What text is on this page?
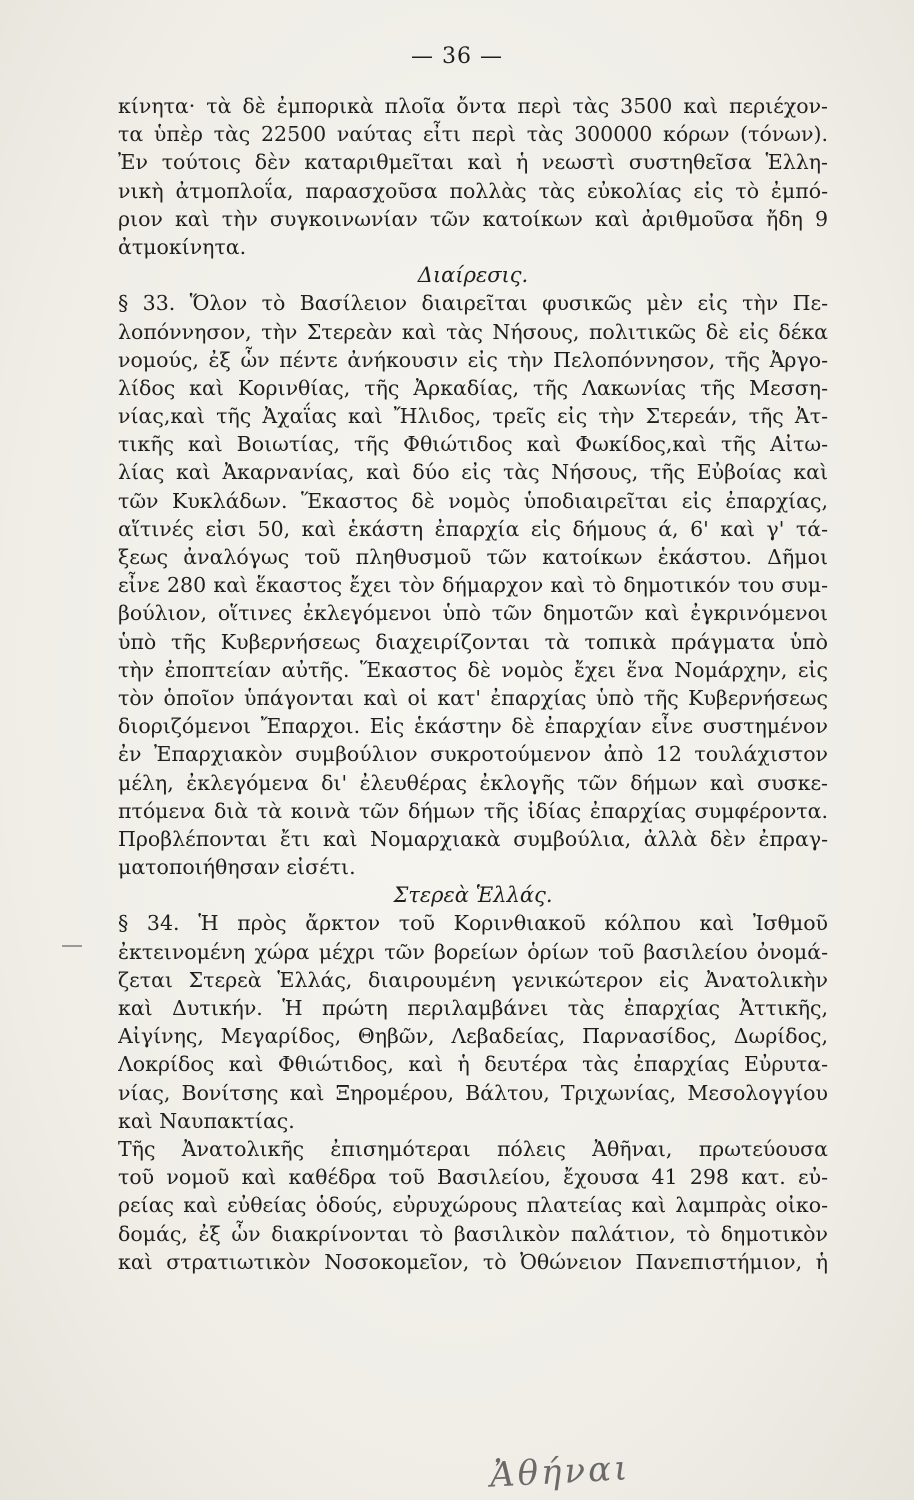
— 36 —
κίνητα· τὰ δὲ ἐμπορικὰ πλοῖα ὄντα περὶ τὰς 3500 καὶ περιέχον-
τα ὑπὲρ τὰς 22500 ναύτας εἶτι περὶ τὰς 300000 κόρων (τόνων).
Ἐν τούτοις δὲν καταριθμεῖται καὶ ἡ νεωστὶ συστηθεῖσα Ἑλλη-
νικὴ ἀτμοπλοΐα, παρασχοῦσα πολλὰς τὰς εὐκολίας εἰς τὸ ἐμπό-
ριον καὶ τὴν συγκοινωνίαν τῶν κατοίκων καὶ ἀριθμοῦσα ἤδη 9
ἀτμοκίνητα.
Διαίρεσις.
§ 33. Ὅλον τὸ Βασίλειον διαιρεῖται φυσικῶς μὲν εἰς τὴν Πε-
λοπόννησον, τὴν Στερεὰν καὶ τὰς Νήσους, πολιτικῶς δὲ εἰς δέκα
νομούς, ἐξ ὧν πέντε ἀνήκουσιν εἰς τὴν Πελοπόννησον, τῆς Ἀργο-
λίδος καὶ Κορινθίας, τῆς Ἀρκαδίας, τῆς Λακωνίας τῆς Μεσση-
νίας,καὶ τῆς Ἀχαΐας καὶ Ἤλιδος, τρεῖς εἰς τὴν Στερεάν, τῆς Ἀτ-
τικῆς καὶ Βοιωτίας, τῆς Φθιώτιδος καὶ Φωκίδος,καὶ τῆς Αἰτω-
λίας καὶ Ἀκαρνανίας, καὶ δύο εἰς τὰς Νήσους, τῆς Εὐβοίας καὶ
τῶν Κυκλάδων. Ἕκαστος δὲ νομὸς ὑποδιαιρεῖται εἰς ἐπαρχίας,
αἵτινές εἰσι 50, καὶ ἑκάστη ἐπαρχία εἰς δήμους ά, 6' καὶ γ' τά-
ξεως ἀναλόγως τοῦ πληθυσμοῦ τῶν κατοίκων ἑκάστου. Δῆμοι
εἶνε 280 καὶ ἕκαστος ἔχει τὸν δήμαρχον καὶ τὸ δημοτικόν του συμ-
βούλιον, οἵτινες ἐκλεγόμενοι ὑπὸ τῶν δημοτῶν καὶ ἐγκρινόμενοι
ὑπὸ τῆς Κυβερνήσεως διαχειρίζονται τὰ τοπικὰ πράγματα ὑπὸ
τὴν ἐποπτείαν αὐτῆς. Ἕκαστος δὲ νομὸς ἔχει ἕνα Νομάρχην, εἰς
τὸν ὁποῖον ὑπάγονται καὶ οἱ κατ' ἐπαρχίας ὑπὸ τῆς Κυβερνήσεως
διοριζόμενοι Ἔπαρχοι. Εἰς ἑκάστην δὲ ἐπαρχίαν εἶνε συστημένον
ἐν Ἐπαρχιακὸν συμβούλιον συκροτούμενον ἀπὸ 12 τουλάχιστον
μέλη, ἐκλεγόμενα δι' ἐλευθέρας ἐκλογῆς τῶν δήμων καὶ συσκε-
πτόμενα διὰ τὰ κοινὰ τῶν δήμων τῆς ἰδίας ἐπαρχίας συμφέροντα.
Προβλέπονται ἔτι καὶ Νομαρχιακὰ συμβούλια, ἀλλὰ δὲν ἐπραγ-
ματοποιήθησαν εἰσέτι.
Στερεὰ Ἑλλάς.
§ 34. Ἡ πρὸς ἄρκτον τοῦ Κορινθιακοῦ κόλπου καὶ Ἰσθμοῦ
ἐκτεινομένη χώρα μέχρι τῶν βορείων ὁρίων τοῦ βασιλείου ὀνομά-
ζεται Στερεὰ Ἑλλάς, διαιρουμένη γενικώτερον εἰς Ἀνατολικὴν
καὶ Δυτικήν. Ἡ πρώτη περιλαμβάνει τὰς ἐπαρχίας Ἀττικῆς,
Αἰγίνης, Μεγαρίδος, Θηβῶν, Λεβαδείας, Παρνασίδος, Δωρίδος,
Λοκρίδος καὶ Φθιώτιδος, καὶ ἡ δευτέρα τὰς ἐπαρχίας Εὐρυτα-
νίας, Βονίτσης καὶ Ξηρομέρου, Βάλτου, Τριχωνίας, Μεσολογγίου
καὶ Ναυπακτίας.
Τῆς Ἀνατολικῆς ἐπισημότεραι πόλεις Ἀθῆναι, πρωτεύουσα
τοῦ νομοῦ καὶ καθέδρα τοῦ Βασιλείου, ἔχουσα 41 298 κατ. εὐ-
ρείας καὶ εὐθείας ὁδούς, εὐρυχώρους πλατείας καὶ λαμπρὰς οἰκο-
δομάς, ἐξ ὧν διακρίνονται τὸ βασιλικὸν παλάτιον, τὸ δημοτικὸν
καὶ στρατιωτικὸν Νοσοκομεῖον, τὸ Ὀθώνειον Πανεπιστήμιον, ἡ
Ἀθήναι
